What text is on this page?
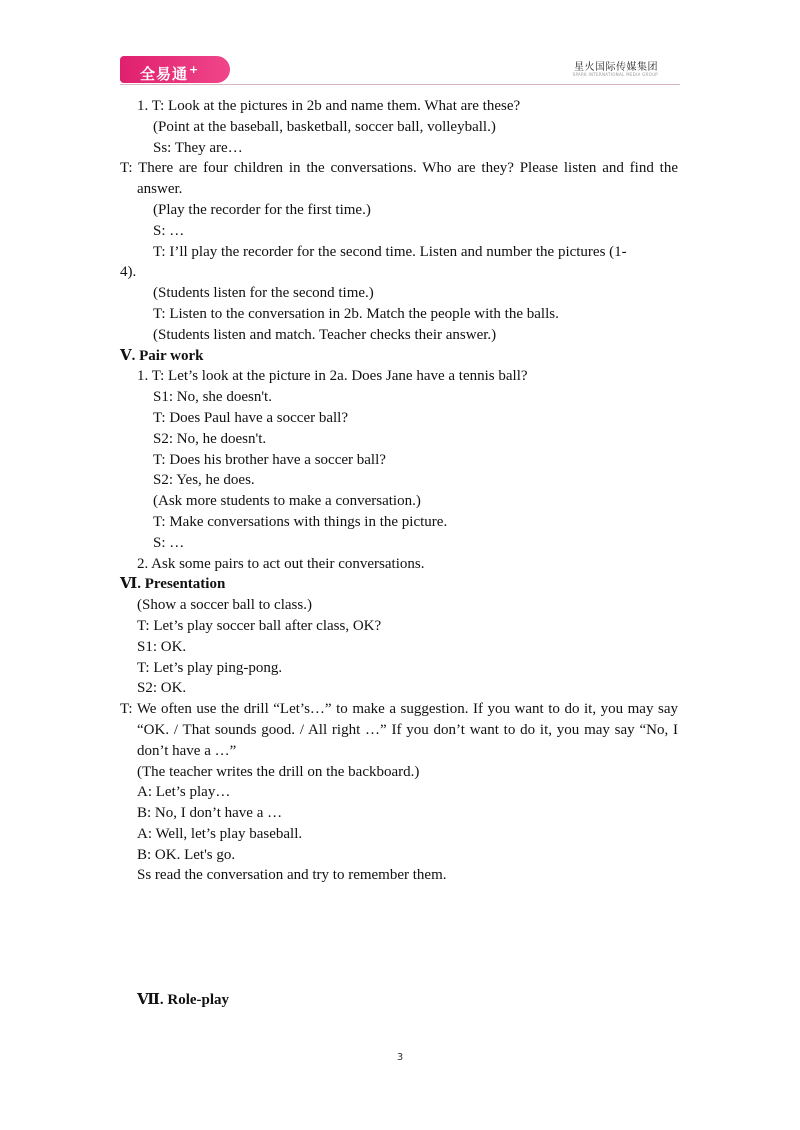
全易通+	星火国际传媒集团
SPARK INTERNATIONAL MEDIA GROUP
1. T: Look at the pictures in 2b and name them. What are these?
(Point at the baseball, basketball, soccer ball, volleyball.)
Ss: They are…
T: There are four children in the conversations. Who are they? Please listen and find the answer.
(Play the recorder for the first time.)
S: …
T: I’ll play the recorder for the second time. Listen and number the pictures (1-
4).
(Students listen for the second time.)
T: Listen to the conversation in 2b. Match the people with the balls.
(Students listen and match. Teacher checks their answer.)
Ⅴ. Pair work
1. T: Let’s look at the picture in 2a. Does Jane have a tennis ball?
S1: No, she doesn't.
T: Does Paul have a soccer ball?
S2: No, he doesn't.
T: Does his brother have a soccer ball?
S2: Yes, he does.
(Ask more students to make a conversation.)
T: Make conversations with things in the picture.
S: …
2. Ask some pairs to act out their conversations.
Ⅵ. Presentation
(Show a soccer ball to class.)
T: Let’s play soccer ball after class, OK?
S1: OK.
T: Let’s play ping-pong.
S2: OK.
T: We often use the drill “Let’s…” to make a suggestion. If you want to do it, you may say “OK. / That sounds good. / All right …” If you don’t want to do it, you may say “No, I don’t have a …”
(The teacher writes the drill on the backboard.)
A: Let’s play…
B: No, I don’t have a …
A: Well, let’s play baseball.
B: OK. Let's go.
Ss read the conversation and try to remember them.
Ⅶ. Role-play
3
